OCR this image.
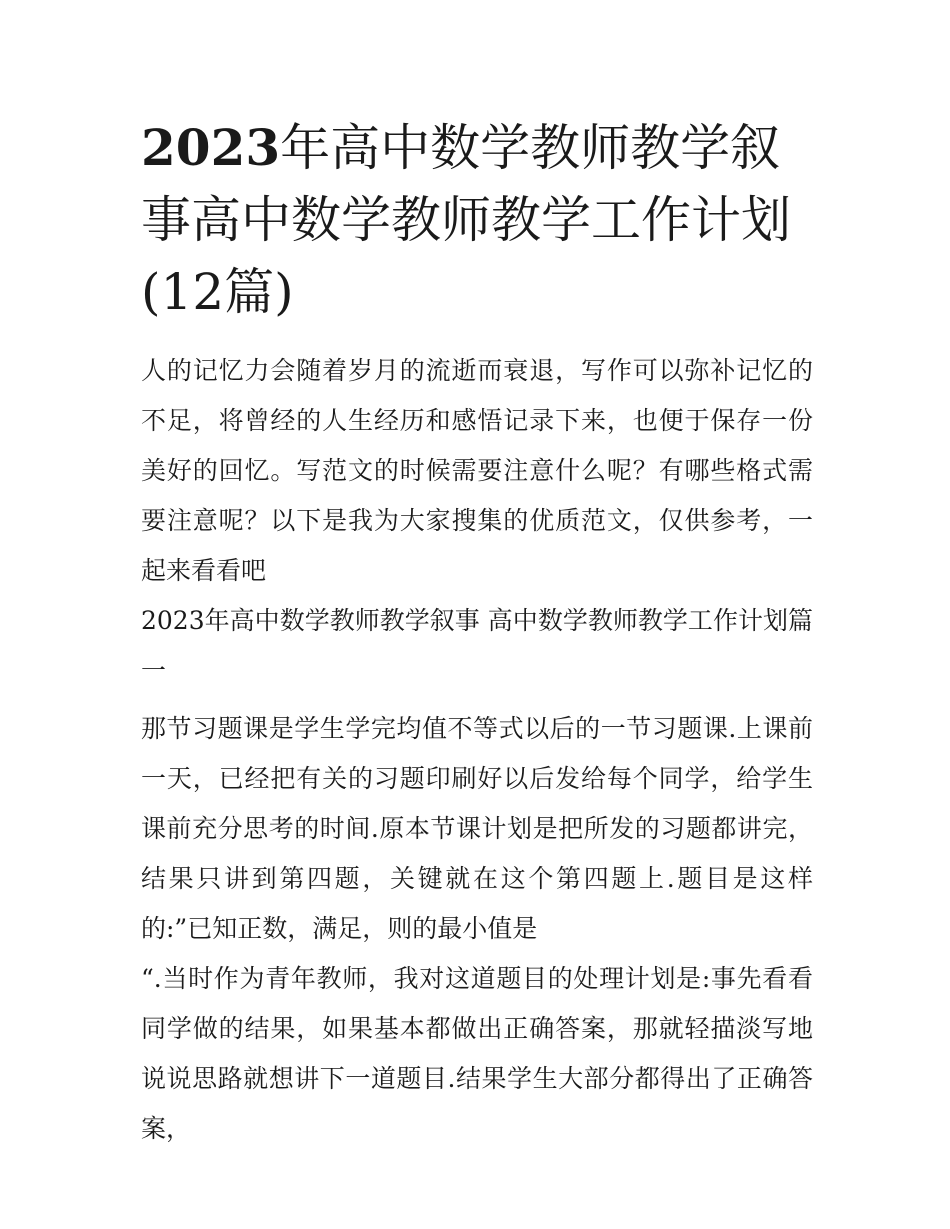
2023年高中数学教师教学叙事高中数学教师教学工作计划(12篇)

人的记忆力会随着岁月的流逝而衰退，写作可以弥补记忆的不足，将曾经的人生经历和感悟记录下来，也便于保存一份美好的回忆。写范文的时候需要注意什么呢？有哪些格式需要注意呢？以下是我为大家搜集的优质范文，仅供参考，一起来看看吧

2023年高中数学教师教学叙事 高中数学教师教学工作计划篇一

那节习题课是学生学完均值不等式以后的一节习题课.上课前一天，已经把有关的习题印刷好以后发给每个同学，给学生课前充分思考的时间.原本节课计划是把所发的习题都讲完，结果只讲到第四题，关键就在这个第四题上.题目是这样的:”已知正数，满足，则的最小值是

“.当时作为青年教师，我对这道题目的处理计划是:事先看看同学做的结果，如果基本都做出正确答案，那就轻描淡写地说说思路就想讲下一道题目.结果学生大部分都得出了正确答案，
